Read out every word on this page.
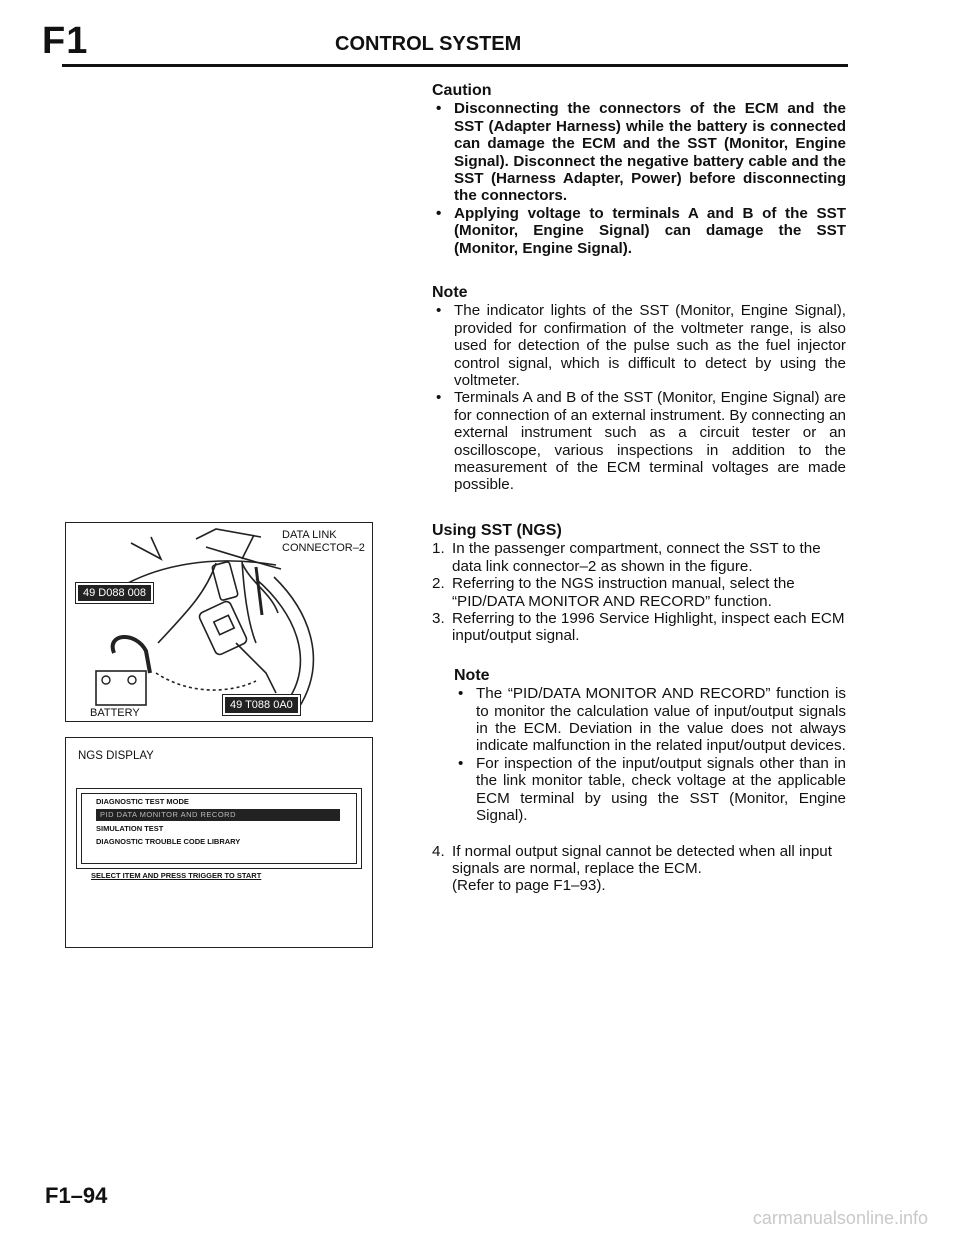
F1	CONTROL SYSTEM
Caution
• Disconnecting the connectors of the ECM and the SST (Adapter Harness) while the battery is connected can damage the ECM and the SST (Monitor, Engine Signal). Disconnect the negative battery cable and the SST (Harness Adapter, Power) before disconnecting the connectors.
• Applying voltage to terminals A and B of the SST (Monitor, Engine Signal) can damage the SST (Monitor, Engine Signal).
Note
• The indicator lights of the SST (Monitor, Engine Signal), provided for confirmation of the voltmeter range, is also used for detection of the pulse such as the fuel injector control signal, which is difficult to detect by using the voltmeter.
• Terminals A and B of the SST (Monitor, Engine Signal) are for connection of an external instrument. By connecting an external instrument such as a circuit tester or an oscilloscope, various inspections in addition to the measurement of the ECM terminal voltages are made possible.
Using SST (NGS)
1. In the passenger compartment, connect the SST to the data link connector–2 as shown in the figure.
2. Referring to the NGS instruction manual, select the “PID/DATA MONITOR AND RECORD” function.
3. Referring to the 1996 Service Highlight, inspect each ECM input/output signal.
Note
• The “PID/DATA MONITOR AND RECORD” function is to monitor the calculation value of input/output signals in the ECM. Deviation in the value does not always indicate malfunction in the related input/output devices.
• For inspection of the input/output signals other than in the link monitor table, check voltage at the applicable ECM terminal by using the SST (Monitor, Engine Signal).
4. If normal output signal cannot be detected when all input signals are normal, replace the ECM.
(Refer to page F1–93).
DATA LINK CONNECTOR–2
BATTERY
49 D088 008
49 T088 0A0
NGS DISPLAY
DIAGNOSTIC TEST MODE
PID DATA MONITOR AND RECORD
SIMULATION TEST
DIAGNOSTIC TROUBLE CODE LIBRARY
SELECT ITEM AND PRESS TRIGGER TO START
F1–94
carmanualsonline.info
